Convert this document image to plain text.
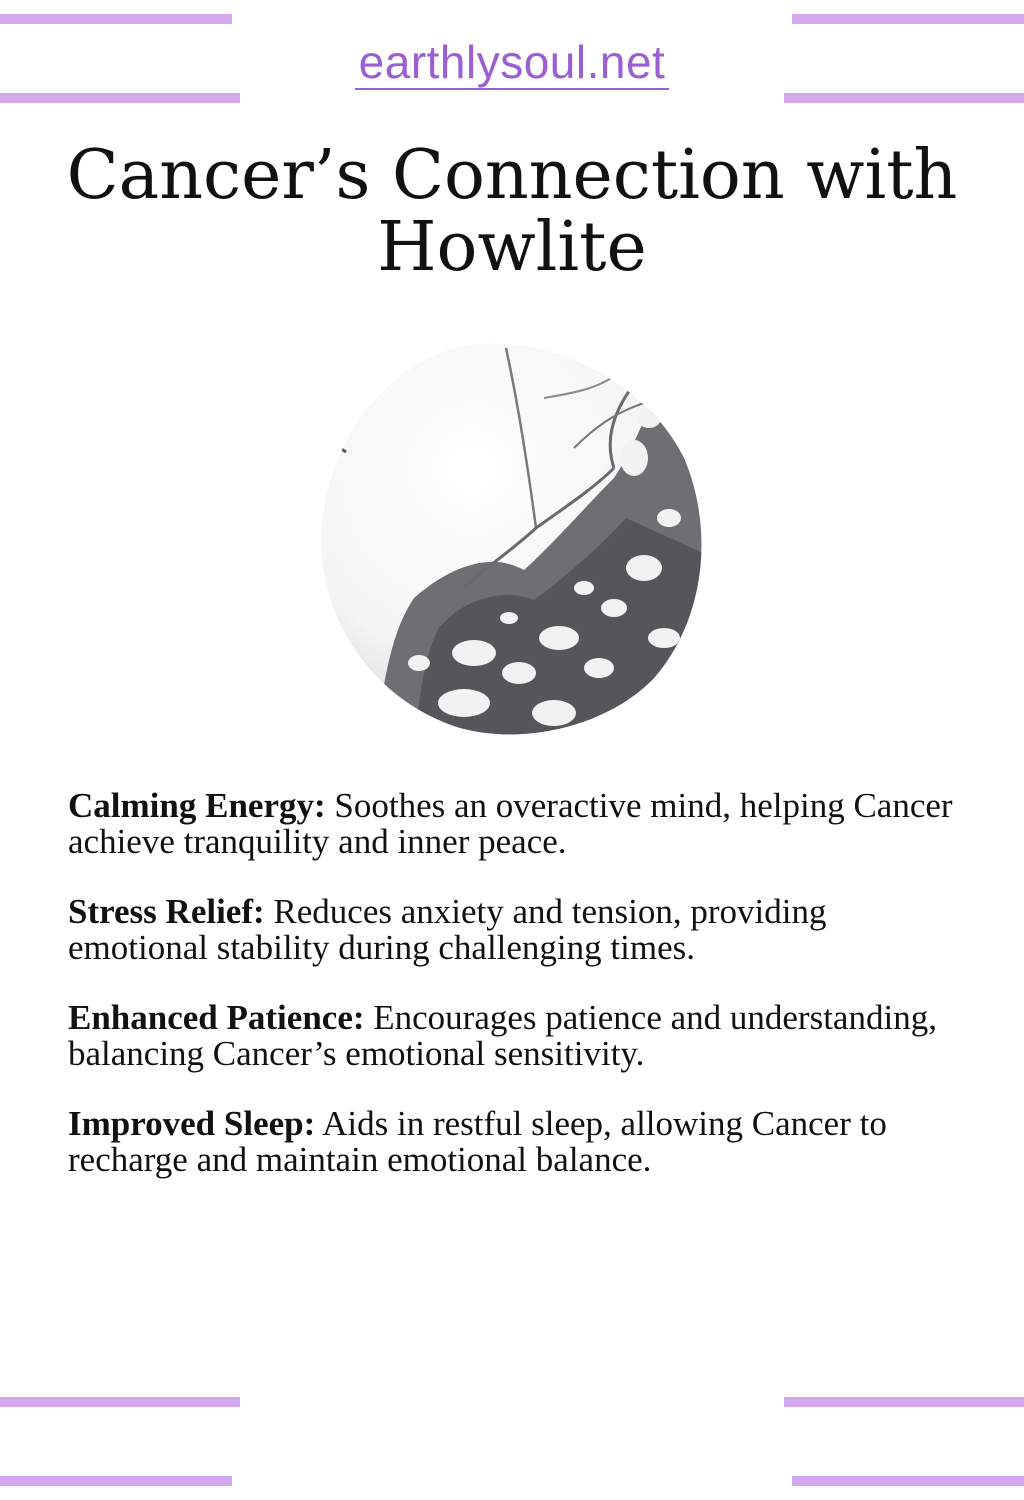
earthlysoul.net
Cancer’s Connection with Howlite

Calming Energy: Soothes an overactive mind, helping Cancer achieve tranquility and inner peace.

Stress Relief: Reduces anxiety and tension, providing emotional stability during challenging times.

Enhanced Patience: Encourages patience and understanding, balancing Cancer’s emotional sensitivity.

Improved Sleep: Aids in restful sleep, allowing Cancer to recharge and maintain emotional balance.
